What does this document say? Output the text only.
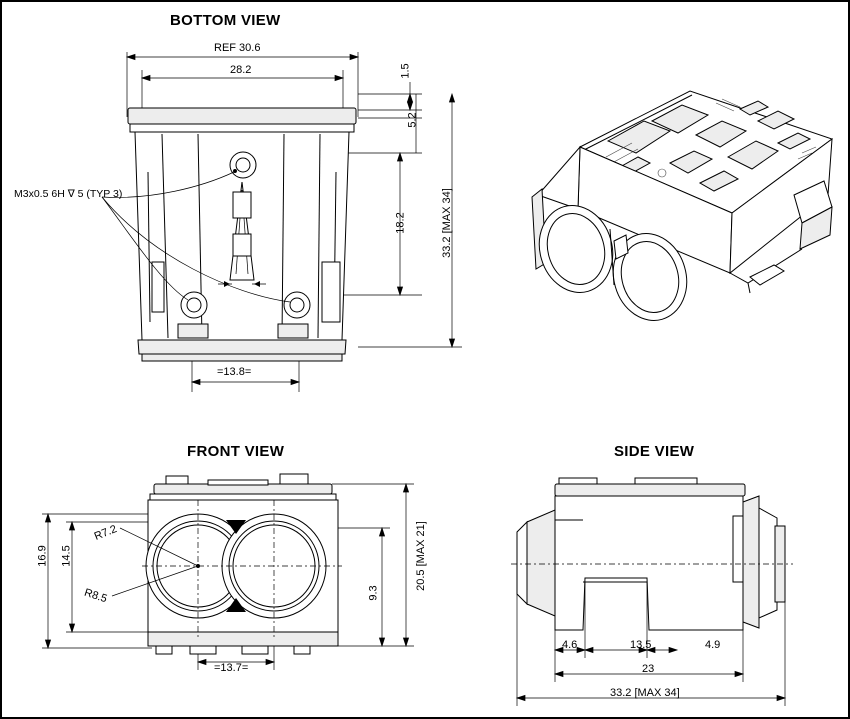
BOTTOM VIEW
REF 30.6
28.2	1.5
5.2
18.2	33.2 [MAX 34]
=13.8=
M3x0.5 6H ∇ 5 (TYP 3)
FRONT VIEW
16.9 14.5
R7.2
R8.5
20.5 [MAX 21]
9.3
=13.7=
SIDE VIEW
4.6	13.5	4.9
23
33.2 [MAX 34]
